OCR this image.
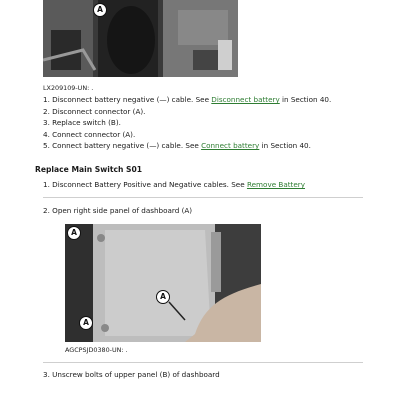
A
LX209109-UN: .
1. Disconnect battery negative (—) cable. See Disconnect battery in Section 40.
2. Disconnect connector (A).
3. Replace switch (B).
4. Connect connector (A).
5. Connect battery negative (—) cable. See Connect battery in Section 40.
Replace Main Switch S01
1. Disconnect Battery Positive and Negative cables. See Remove Battery
2. Open right side panel of dashboard (A)
A
A
A
AGCPSJD0380-UN: .
3. Unscrew bolts of upper panel (B) of dashboard
